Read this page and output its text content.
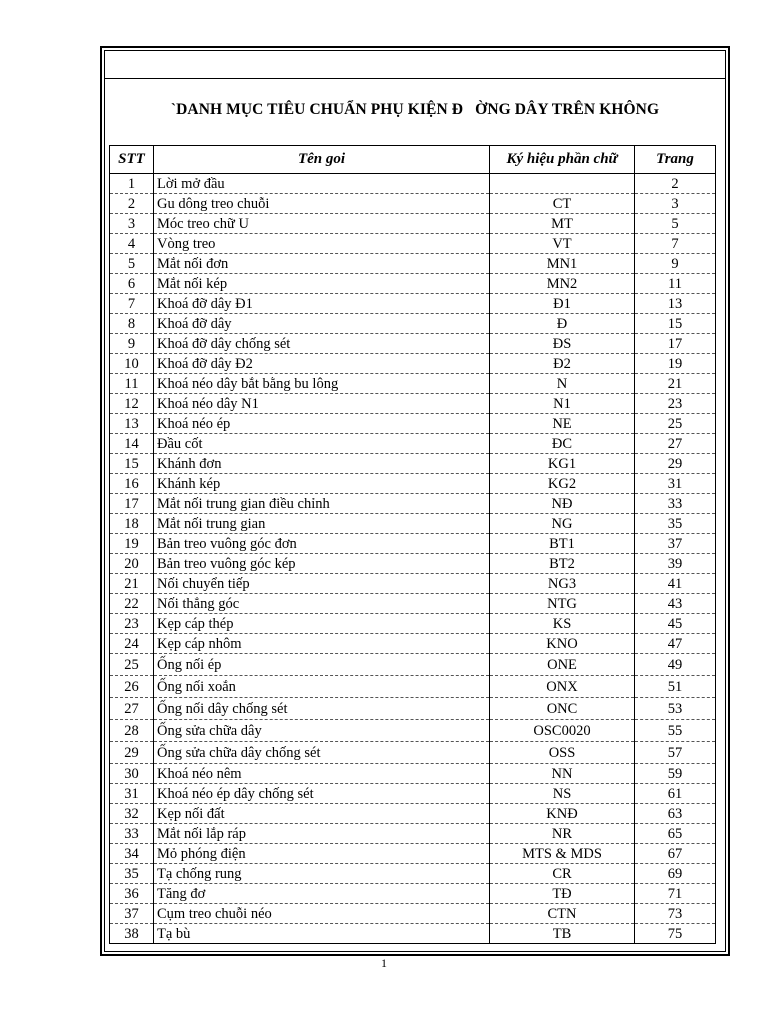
`DANH MỤC TIÊU CHUẨN PHỤ KIỆN Đ ỜNG DÂY TRÊN KHÔNG
STT	Tên goi	Ký hiệu phần chữ	Trang
1	Lời mở đầu		2
2	Gu dông treo chuỗi	CT	3
3	Móc treo chữ U	MT	5
4	Vòng treo	VT	7
5	Mắt nối đơn	MN1	9
6	Mắt nối kép	MN2	11
7	Khoá đỡ dây Đ1	Đ1	13
8	Khoá đỡ dây	Đ	15
9	Khoá đỡ dây chống sét	ĐS	17
10	Khoá đỡ dây Đ2	Đ2	19
11	Khoá néo dây bắt bằng bu lông	N	21
12	Khoá néo dây N1	N1	23
13	Khoá néo ép	NE	25
14	Đầu cốt	ĐC	27
15	Khánh đơn	KG1	29
16	Khánh kép	KG2	31
17	Mắt nối trung gian điều chỉnh	NĐ	33
18	Mắt nối trung gian	NG	35
19	Bản treo vuông góc đơn	BT1	37
20	Bản treo vuông góc kép	BT2	39
21	Nối chuyển tiếp	NG3	41
22	Nối thẳng góc	NTG	43
23	Kẹp cáp thép	KS	45
24	Kẹp cáp nhôm	KNO	47
25	Ống nối ép	ONE	49
26	Ống nối xoắn	ONX	51
27	Ống nối dây chống sét	ONC	53
28	Ống sửa chữa dây	OSC0020	55
29	Ống sửa chữa dây chống sét	OSS	57
30	Khoá néo nêm	NN	59
31	Khoá néo ép dây chống sét	NS	61
32	Kẹp nối đất	KNĐ	63
33	Mắt nối lắp ráp	NR	65
34	Mỏ phóng điện	MTS & MDS	67
35	Tạ chống rung	CR	69
36	Tăng đơ	TĐ	71
37	Cụm treo chuỗi néo	CTN	73
38	Tạ bù	TB	75
1
